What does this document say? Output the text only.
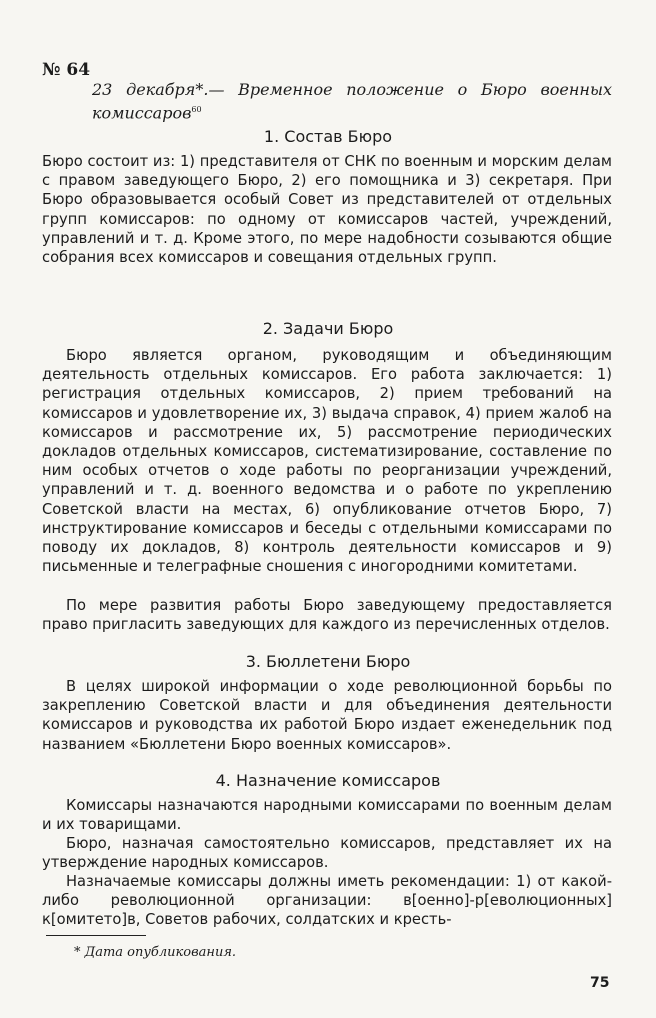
№ 64
23 декабря*.— Временное положение о Бюро военных комиссаров$^{60}$
1. Состав Бюро

Бюро состоит из: 1) представителя от СНК по военным и морским делам с правом заведующего Бюро, 2) его помощника и 3) секретаря. При Бюро образовывается особый Совет из представителей от отдельных групп комиссаров: по одному от комиссаров частей, учреждений, управлений и т. д. Кроме этого, по мере надобности созываются общие собрания всех комиссаров и совещания отдельных групп.

2. Задачи Бюро

Бюро является органом, руководящим и объединяющим деятельность отдельных комиссаров. Его работа заключается: 1) регистрация отдельных комиссаров, 2) прием требований на комиссаров и удовлетворение их, 3) выдача справок, 4) прием жалоб на комиссаров и рассмотрение их, 5) рассмотрение периодических докладов отдельных комиссаров, систематизирование, составление по ним особых отчетов о ходе работы по реорганизации учреждений, управлений и т. д. военного ведомства и о работе по укреплению Советской власти на местах, 6) опубликование отчетов Бюро, 7) инструктирование комиссаров и беседы с отдельными комиссарами по поводу их докладов, 8) контроль деятельности комиссаров и 9) письменные и телеграфные сношения с иногородними комитетами.

По мере развития работы Бюро заведующему предоставляется право пригласить заведующих для каждого из перечисленных отделов.

3. Бюллетени Бюро

В целях широкой информации о ходе революционной борьбы по закреплению Советской власти и для объединения деятельности комиссаров и руководства их работой Бюро издает еженедельник под названием «Бюллетени Бюро военных комиссаров».

4. Назначение комиссаров

Комиссары назначаются народными комиссарами по военным делам и их товарищами.

Бюро, назначая самостоятельно комиссаров, представляет их на утверждение народных комиссаров.

Назначаемые комиссары должны иметь рекомендации: 1) от какой-либо революционной организации: в[оенно]-р[еволюционных] к[омитето]в, Советов рабочих, солдатских и кресть-

* Дата опубликования.
75
